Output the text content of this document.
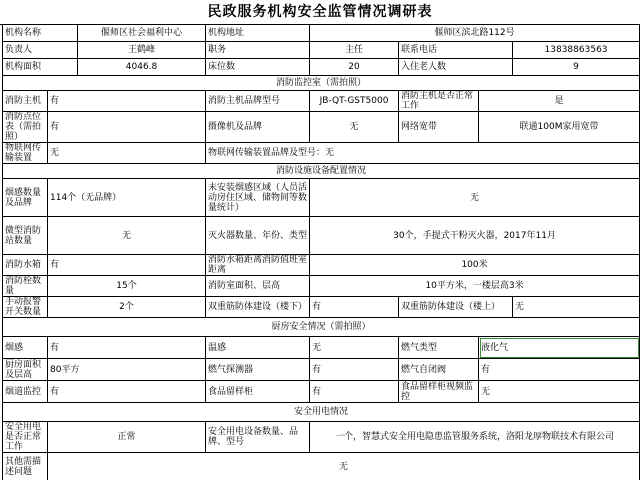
民政服务机构安全监管情况调研表
机构名称		偃师区社会福利中心	机构地址	偃师区滨北路112号			
负责人		王鹤峰	职务	主任	联系电话		13838863563
机构面积		4046.8	床位数	20	入住老人数		9
消防监控室（需拍照）							
消防主机	有		消防主机品牌型号	JB-QT-GST5000	消防主机是否正常工作	是	
消防点位表（需拍照）	有		摄像机及品牌	无	网络宽带	联通100M家用宽带	
物联网传输装置	无		物联网传输装置品牌及型号：无				
消防设施设备配置情况							
烟感数量及品牌	114个（无品牌）		未安装烟感区域（人员活动房住区域、储物间等数量统计）	无			
微型消防站数量	无		灭火器数量、年份、类型	30个，手提式干粉灭火器，2017年11月			
消防水箱	有		消防水箱距离消防值班室距离	100米			
消防栓数量	15个		消防室面积、层高	10平方米，一楼层高3米			
手动报警开关数量	2个		双重筋防体建设（楼下）	有	双重筋防体建设（楼上）		无
厨房安全情况（需拍照）							
烟感	有		温感	无	燃气类型	液化气	
厨房面积及层高	80平方		燃气探测器	有	燃气自闭阀	有	
烟道监控	有		食品留样柜	有	食品留样柜视频监控	无	
安全用电情况							
安全用电是否正常工作	正常		安全用电设备数量、品牌、型号	一个，智慧式安全用电隐患监管服务系统，洛阳龙厚物联技术有限公司			
其他需描述问题	无						
